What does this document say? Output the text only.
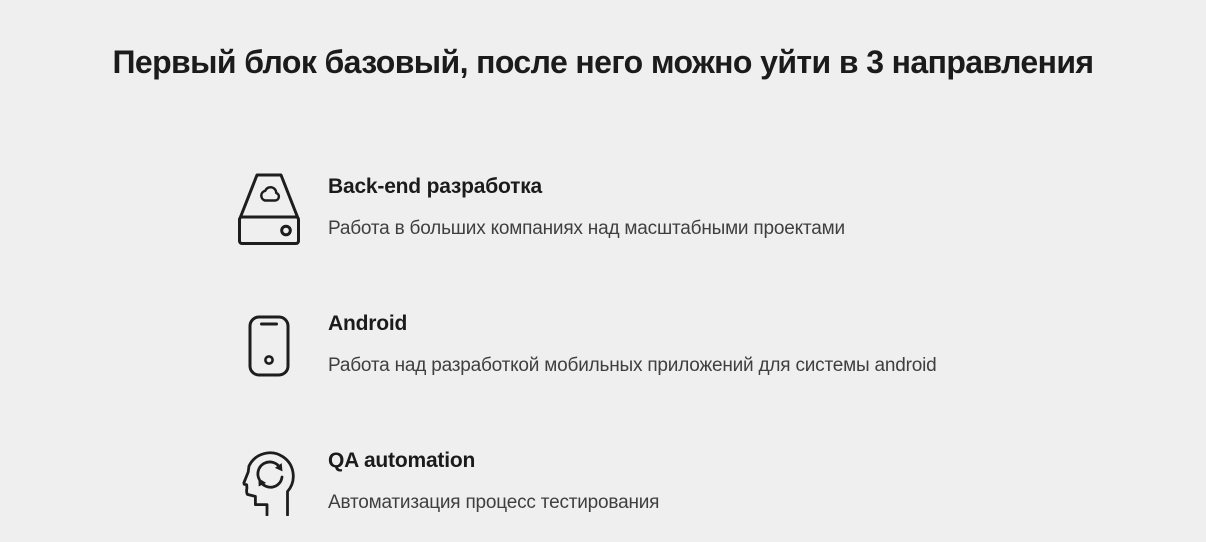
Первый блок базовый, после него можно уйти в 3 направления
Back-end разработка
Работа в больших компаниях над масштабными проектами
Android
Работа над разработкой мобильных приложений для системы android
QA automation
Автоматизация процесс тестирования
